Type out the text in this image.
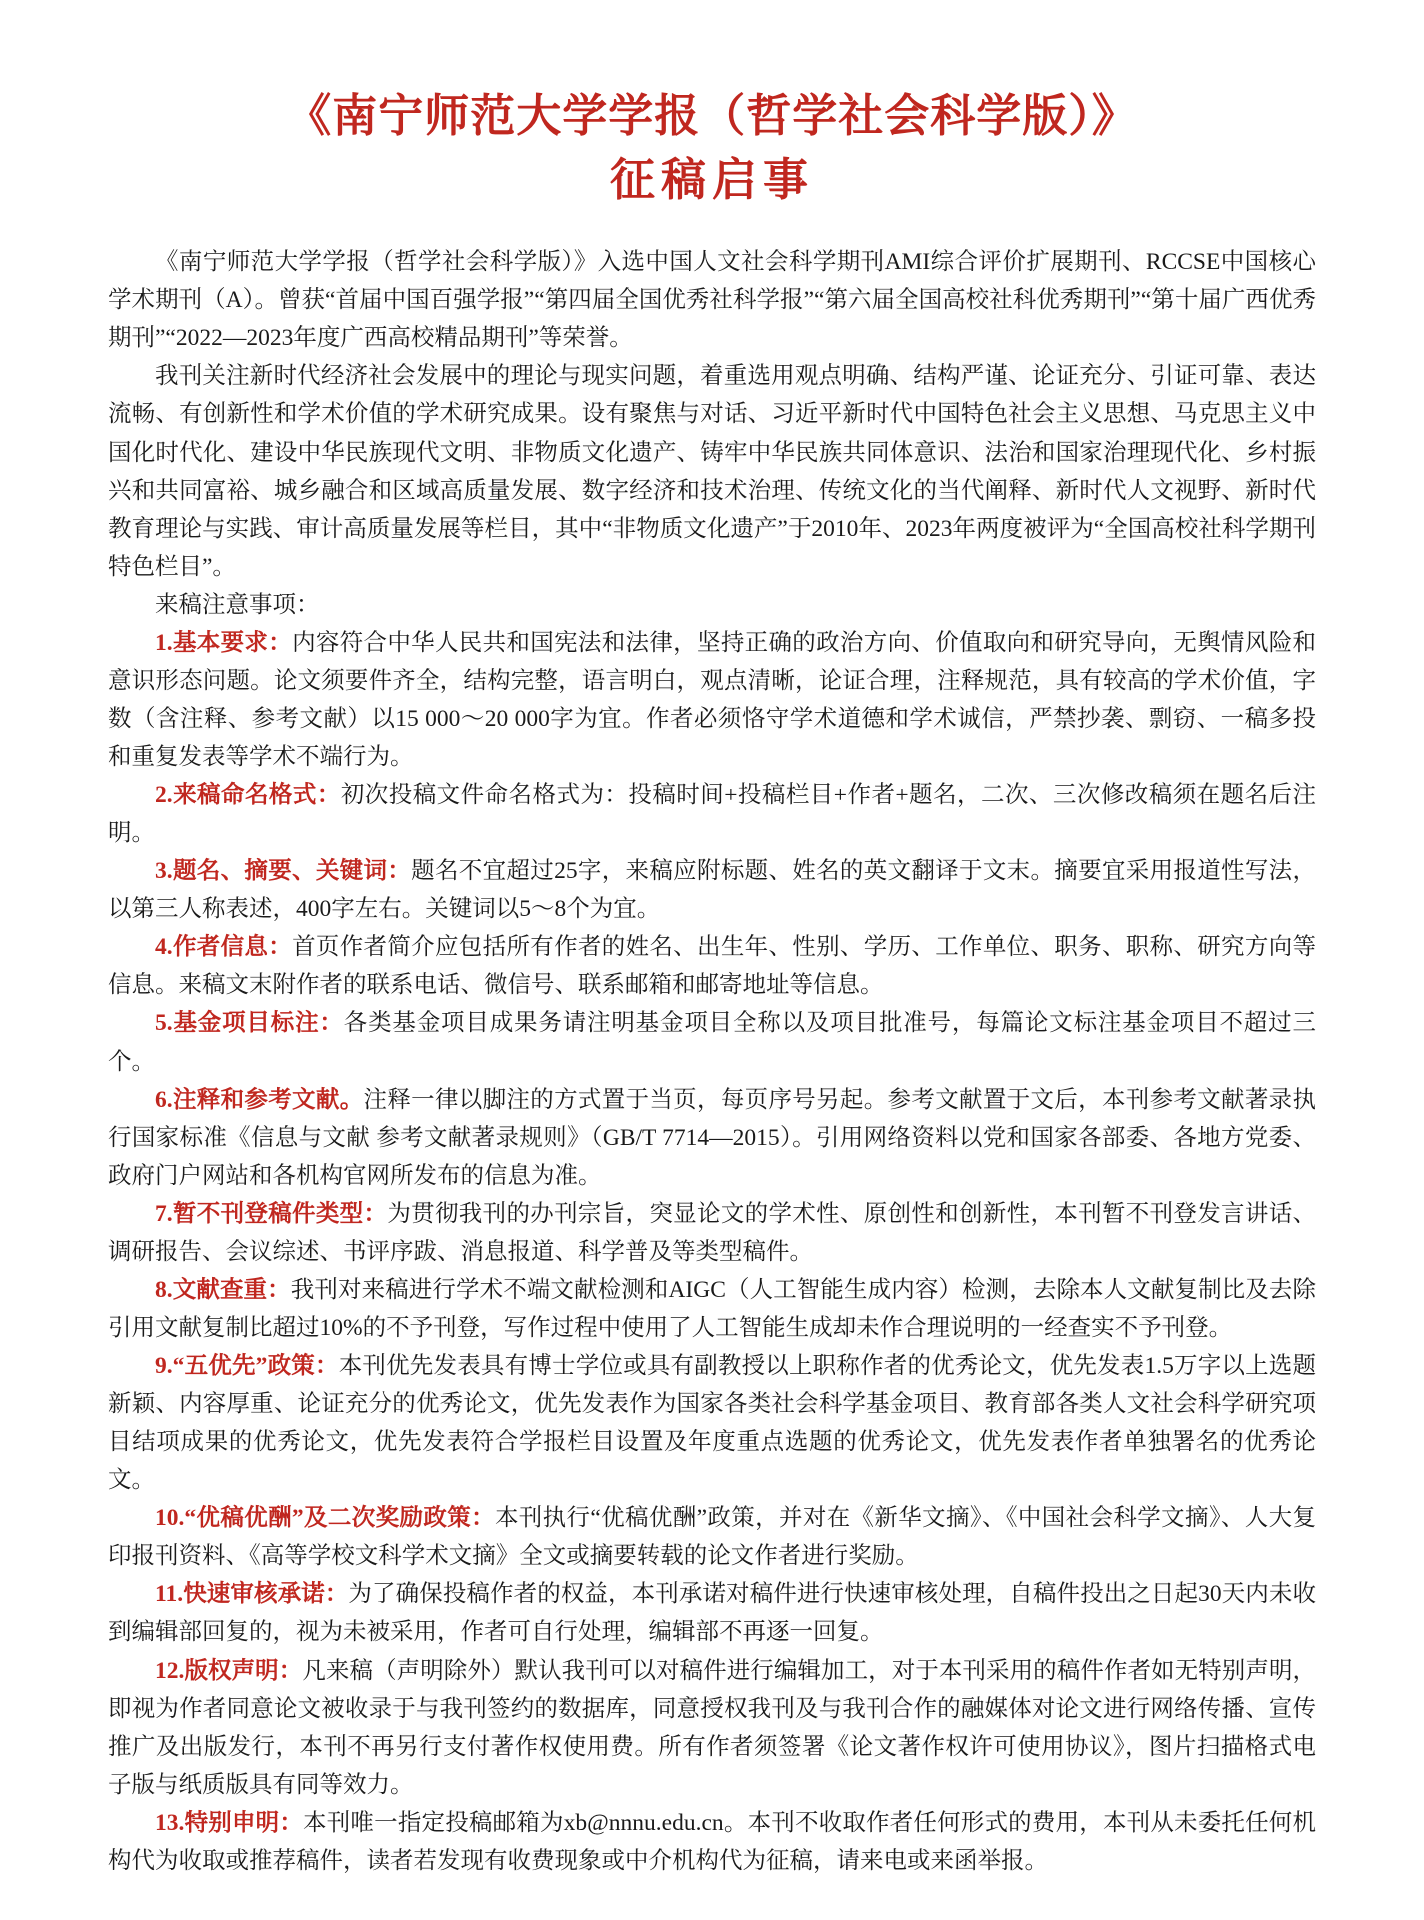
《南宁师范大学学报（哲学社会科学版）》
征稿启事

《南宁师范大学学报（哲学社会科学版）》入选中国人文社会科学期刊AMI综合评价扩展期刊、RCCSE中国核心学术期刊（A）。曾获“首届中国百强学报”“第四届全国优秀社科学报”“第六届全国高校社科优秀期刊”“第十届广西优秀期刊”“2022—2023年度广西高校精品期刊”等荣誉。

我刊关注新时代经济社会发展中的理论与现实问题，着重选用观点明确、结构严谨、论证充分、引证可靠、表达流畅、有创新性和学术价值的学术研究成果。设有聚焦与对话、习近平新时代中国特色社会主义思想、马克思主义中国化时代化、建设中华民族现代文明、非物质文化遗产、铸牢中华民族共同体意识、法治和国家治理现代化、乡村振兴和共同富裕、城乡融合和区域高质量发展、数字经济和技术治理、传统文化的当代阐释、新时代人文视野、新时代教育理论与实践、审计高质量发展等栏目，其中“非物质文化遗产”于2010年、2023年两度被评为“全国高校社科学期刊特色栏目”。

来稿注意事项：

1.基本要求：内容符合中华人民共和国宪法和法律，坚持正确的政治方向、价值取向和研究导向，无舆情风险和意识形态问题。论文须要件齐全，结构完整，语言明白，观点清晰，论证合理，注释规范，具有较高的学术价值，字数（含注释、参考文献）以15 000～20 000字为宜。作者必须恪守学术道德和学术诚信，严禁抄袭、剽窃、一稿多投和重复发表等学术不端行为。

2.来稿命名格式：初次投稿文件命名格式为：投稿时间+投稿栏目+作者+题名，二次、三次修改稿须在题名后注明。

3.题名、摘要、关键词：题名不宜超过25字，来稿应附标题、姓名的英文翻译于文末。摘要宜采用报道性写法，以第三人称表述，400字左右。关键词以5～8个为宜。

4.作者信息：首页作者简介应包括所有作者的姓名、出生年、性别、学历、工作单位、职务、职称、研究方向等信息。来稿文末附作者的联系电话、微信号、联系邮箱和邮寄地址等信息。

5.基金项目标注：各类基金项目成果务请注明基金项目全称以及项目批准号，每篇论文标注基金项目不超过三个。

6.注释和参考文献。注释一律以脚注的方式置于当页，每页序号另起。参考文献置于文后，本刊参考文献著录执行国家标准《信息与文献 参考文献著录规则》（GB/T 7714—2015）。引用网络资料以党和国家各部委、各地方党委、政府门户网站和各机构官网所发布的信息为准。

7.暂不刊登稿件类型：为贯彻我刊的办刊宗旨，突显论文的学术性、原创性和创新性，本刊暂不刊登发言讲话、调研报告、会议综述、书评序跋、消息报道、科学普及等类型稿件。

8.文献查重：我刊对来稿进行学术不端文献检测和AIGC（人工智能生成内容）检测，去除本人文献复制比及去除引用文献复制比超过10%的不予刊登，写作过程中使用了人工智能生成却未作合理说明的一经查实不予刊登。

9.“五优先”政策：本刊优先发表具有博士学位或具有副教授以上职称作者的优秀论文，优先发表1.5万字以上选题新颖、内容厚重、论证充分的优秀论文，优先发表作为国家各类社会科学基金项目、教育部各类人文社会科学研究项目结项成果的优秀论文，优先发表符合学报栏目设置及年度重点选题的优秀论文，优先发表作者单独署名的优秀论文。

10.“优稿优酬”及二次奖励政策：本刊执行“优稿优酬”政策，并对在《新华文摘》、《中国社会科学文摘》、人大复印报刊资料、《高等学校文科学术文摘》全文或摘要转载的论文作者进行奖励。

11.快速审核承诺：为了确保投稿作者的权益，本刊承诺对稿件进行快速审核处理，自稿件投出之日起30天内未收到编辑部回复的，视为未被采用，作者可自行处理，编辑部不再逐一回复。

12.版权声明：凡来稿（声明除外）默认我刊可以对稿件进行编辑加工，对于本刊采用的稿件作者如无特别声明，即视为作者同意论文被收录于与我刊签约的数据库，同意授权我刊及与我刊合作的融媒体对论文进行网络传播、宣传推广及出版发行，本刊不再另行支付著作权使用费。所有作者须签署《论文著作权许可使用协议》，图片扫描格式电子版与纸质版具有同等效力。

13.特别申明：本刊唯一指定投稿邮箱为xb@nnnu.edu.cn。本刊不收取作者任何形式的费用，本刊从未委托任何机构代为收取或推荐稿件，读者若发现有收费现象或中介机构代为征稿，请来电或来函举报。
